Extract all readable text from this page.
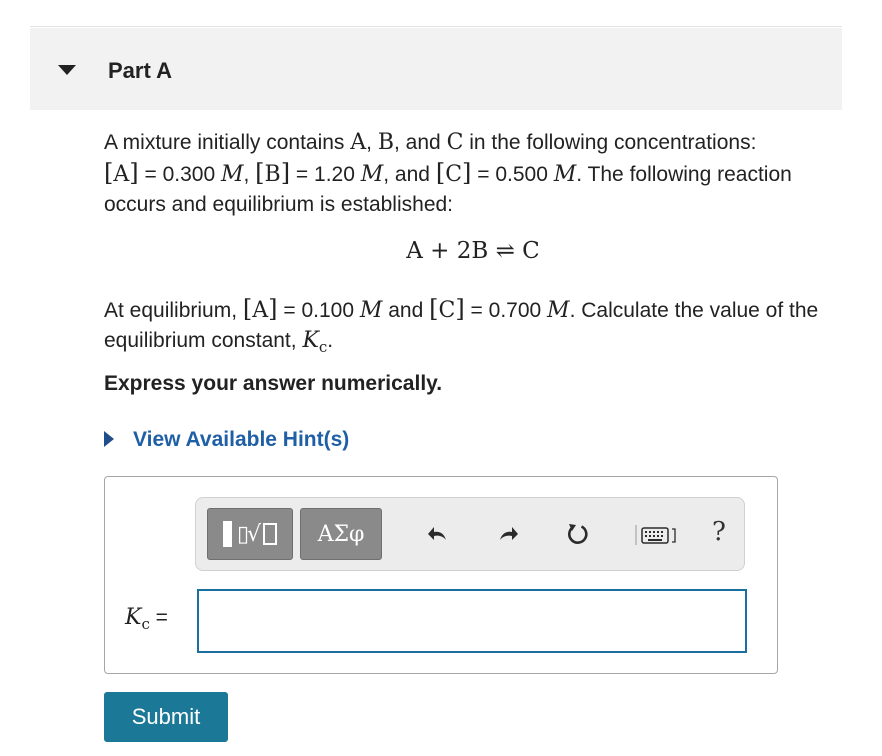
Part A
A mixture initially contains A, B, and C in the following concentrations:
[A] = 0.300 M, [B] = 1.20 M, and [C] = 0.500 M. The following reaction occurs and equilibrium is established:
A + 2B ⇌ C
At equilibrium, [A] = 0.100 M and [C] = 0.700 M. Calculate the value of the equilibrium constant, $K_c$.
Express your answer numerically.
View Available Hint(s)
▯√	ΑΣφ	?
$K_c$ =
Submit
